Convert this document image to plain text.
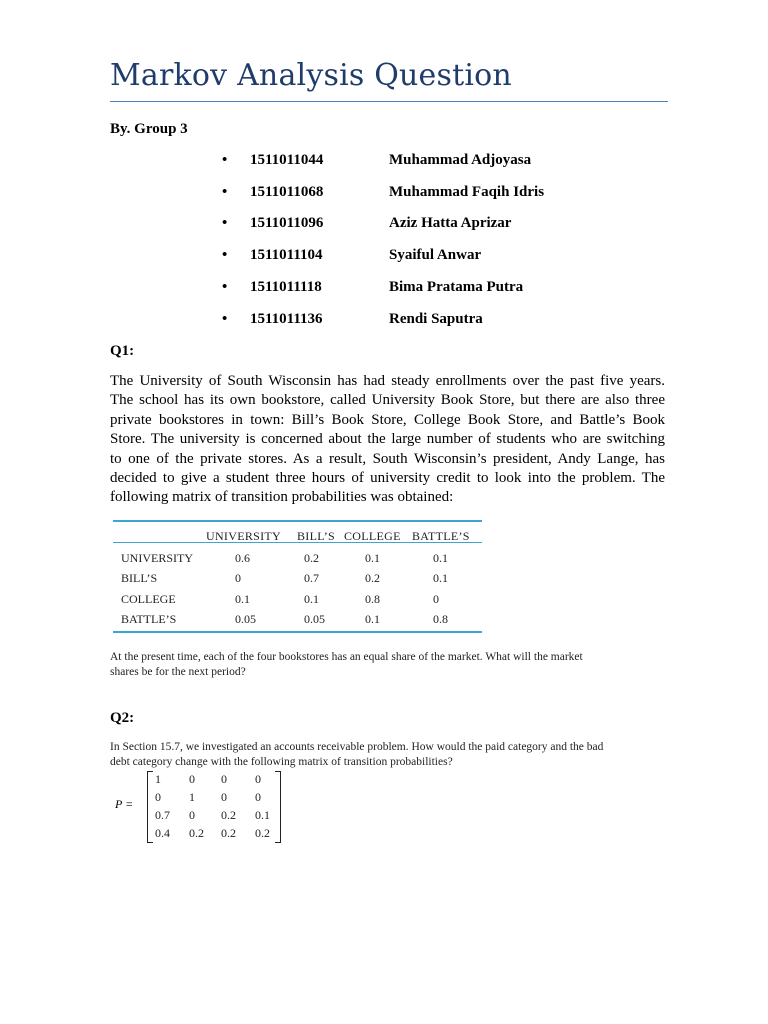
Markov Analysis Question
By. Group 3
• 1511011044	Muhammad Adjoyasa
• 1511011068	Muhammad Faqih Idris
• 1511011096	Aziz Hatta Aprizar
• 1511011104	Syaiful Anwar
• 1511011118	Bima Pratama Putra
• 1511011136	Rendi Saputra
Q1:
The University of South Wisconsin has had steady enrollments over the past five years.
The school has its own bookstore, called University Book Store, but there are also three
private bookstores in town: Bill’s Book Store, College Book Store, and Battle’s Book
Store. The university is concerned about the large number of students who are switching
to one of the private stores. As a result, South Wisconsin’s president, Andy Lange, has
decided to give a student three hours of university credit to look into the problem. The
following matrix of transition probabilities was obtained:
UNIVERSITY BILL’S COLLEGE BATTLE’S
UNIVERSITY	0.6	0.2	0.1	0.1
BILL’S	0	0.7	0.2	0.1
COLLEGE	0.1	0.1	0.8	0
BATTLE’S	0.05	0.05	0.1	0.8
At the present time, each of the four bookstores has an equal share of the market. What will the market
shares be for the next period?
Q2:
In Section 15.7, we investigated an accounts receivable problem. How would the paid category and the bad
debt category change with the following matrix of transition probabilities?
P =
1 0 0 0
0 1 0 0
0.7 0 0.2 0.1
0.4 0.2 0.2 0.2
